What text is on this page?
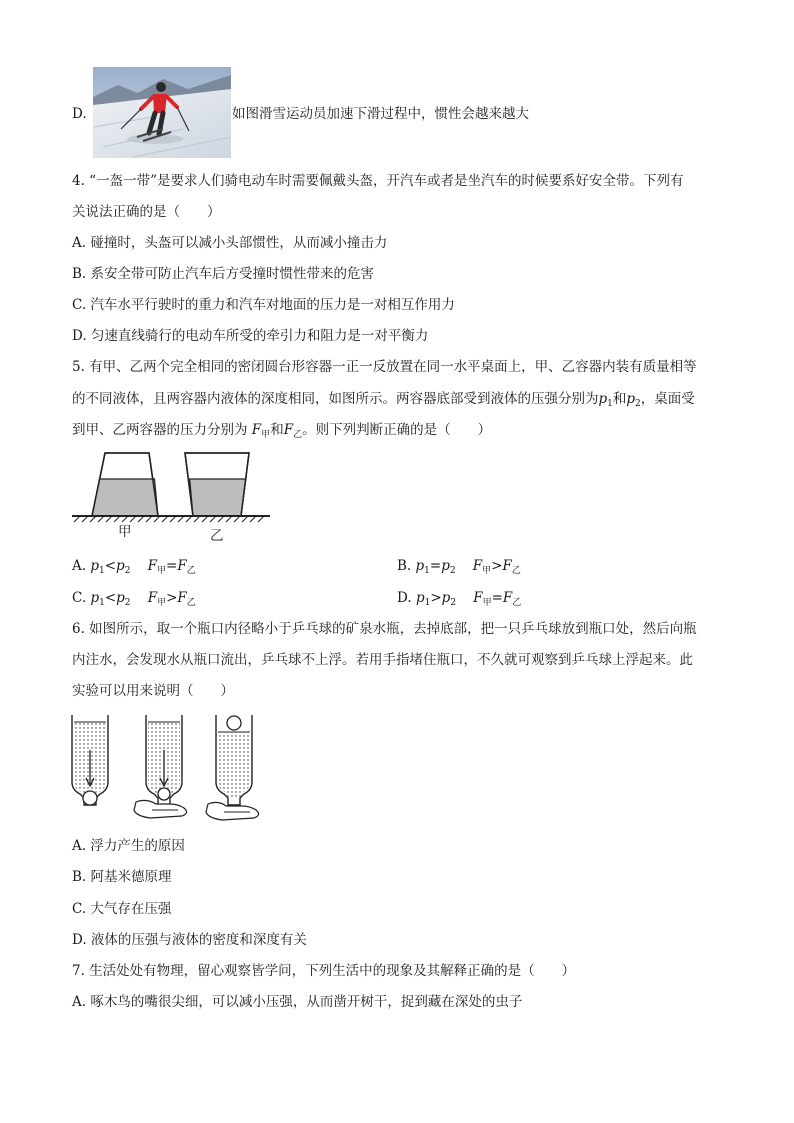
D.	如图滑雪运动员加速下滑过程中，惯性会越来越大
4. “一盔一带”是要求人们骑电动车时需要佩戴头盔，开汽车或者是坐汽车的时候要系好安全带。下列有
关说法正确的是（　　）
A. 碰撞时，头盔可以减小头部惯性，从而减小撞击力
B. 系安全带可防止汽车后方受撞时惯性带来的危害
C. 汽车水平行驶时的重力和汽车对地面的压力是一对相互作用力
D. 匀速直线骑行的电动车所受的牵引力和阻力是一对平衡力
5. 有甲、乙两个完全相同的密闭圆台形容器一正一反放置在同一水平桌面上，甲、乙容器内装有质量相等
的不同液体，且两容器内液体的深度相同，如图所示。两容器底部受到液体的压强分别为$p_1$和$p_2$，桌面受
到甲、乙两容器的压力分别为 $F_甲$和$F_乙$。则下列判断正确的是（　　）
甲	乙
A. $p_1<p_2$ $F_甲=F_乙$	B. $p_1=p_2$ $F_甲>F_乙$
C. $p_1<p_2$ $F_甲>F_乙$	D. $p_1>p_2$ $F_甲=F_乙$
6. 如图所示，取一个瓶口内径略小于乒乓球的矿泉水瓶，去掉底部，把一只乒乓球放到瓶口处，然后向瓶
内注水，会发现水从瓶口流出，乒乓球不上浮。若用手指堵住瓶口，不久就可观察到乒乓球上浮起来。此
实验可以用来说明（　　）
A. 浮力产生的原因
B. 阿基米德原理
C. 大气存在压强
D. 液体的压强与液体的密度和深度有关
7. 生活处处有物理，留心观察皆学问，下列生活中的现象及其解释正确的是（　　）
A. 啄木鸟的嘴很尖细，可以减小压强，从而凿开树干，捉到藏在深处的虫子
